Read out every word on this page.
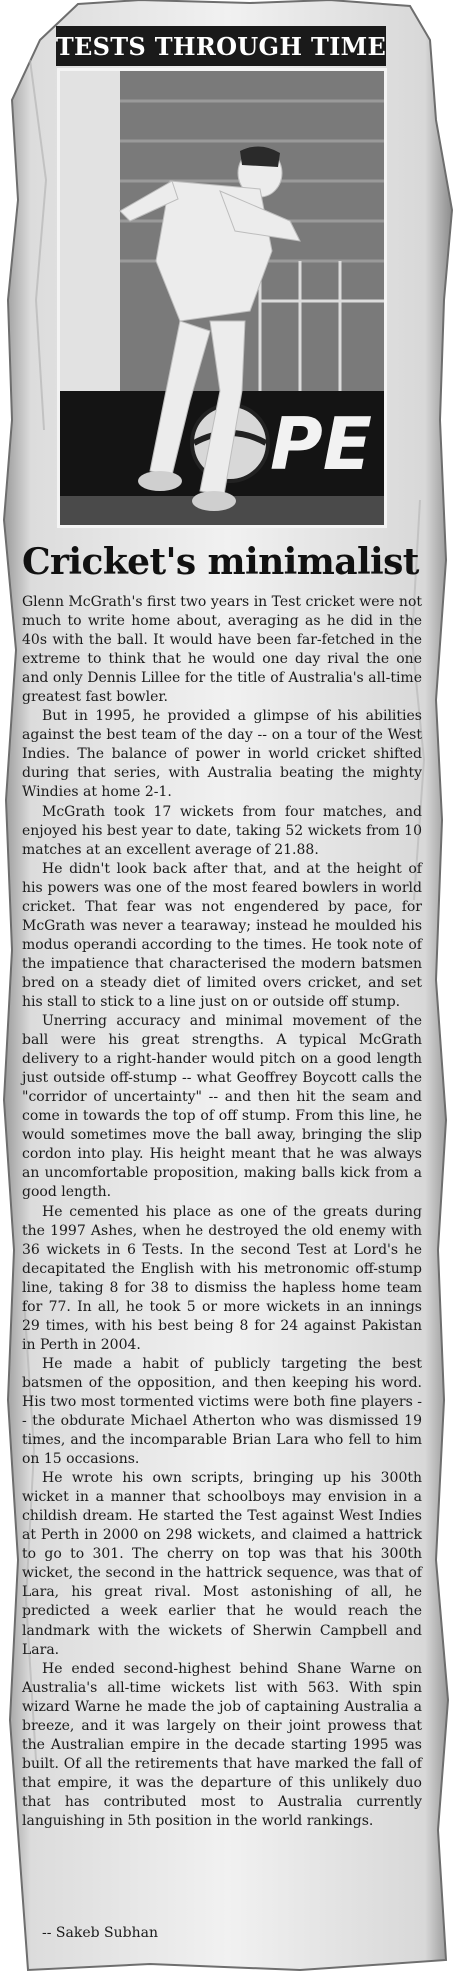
TESTS THROUGH TIME
PE
Cricket's minimalist

Glenn McGrath's first two years in Test cricket were not much to write home about, averaging as he did in the 40s with the ball. It would have been far-fetched in the extreme to think that he would one day rival the one and only Dennis Lillee for the title of Australia's all-time greatest fast bowler.

But in 1995, he provided a glimpse of his abilities against the best team of the day -- on a tour of the West Indies. The balance of power in world cricket shifted during that series, with Australia beating the mighty Windies at home 2-1.

McGrath took 17 wickets from four matches, and enjoyed his best year to date, taking 52 wickets from 10 matches at an excellent average of 21.88.

He didn't look back after that, and at the height of his powers was one of the most feared bowlers in world cricket. That fear was not engendered by pace, for McGrath was never a tearaway; instead he moulded his modus operandi according to the times. He took note of the impatience that characterised the modern batsmen bred on a steady diet of limited overs cricket, and set his stall to stick to a line just on or outside off stump.

Unerring accuracy and minimal movement of the ball were his great strengths. A typical McGrath delivery to a right-hander would pitch on a good length just outside off-stump -- what Geoffrey Boycott calls the "corridor of uncertainty" -- and then hit the seam and come in towards the top of off stump. From this line, he would sometimes move the ball away, bringing the slip cordon into play. His height meant that he was always an uncomfortable proposition, making balls kick from a good length.

He cemented his place as one of the greats during the 1997 Ashes, when he destroyed the old enemy with 36 wickets in 6 Tests. In the second Test at Lord's he decapitated the English with his metronomic off-stump line, taking 8 for 38 to dismiss the hapless home team for 77. In all, he took 5 or more wickets in an innings 29 times, with his best being 8 for 24 against Pakistan in Perth in 2004.

He made a habit of publicly targeting the best batsmen of the opposition, and then keeping his word. His two most tormented victims were both fine players -- the obdurate Michael Atherton who was dismissed 19 times, and the incomparable Brian Lara who fell to him on 15 occasions.

He wrote his own scripts, bringing up his 300th wicket in a manner that schoolboys may envision in a childish dream. He started the Test against West Indies at Perth in 2000 on 298 wickets, and claimed a hattrick to go to 301. The cherry on top was that his 300th wicket, the second in the hattrick sequence, was that of Lara, his great rival. Most astonishing of all, he predicted a week earlier that he would reach the landmark with the wickets of Sherwin Campbell and Lara.

He ended second-highest behind Shane Warne on Australia's all-time wickets list with 563. With spin wizard Warne he made the job of captaining Australia a breeze, and it was largely on their joint prowess that the Australian empire in the decade starting 1995 was built. Of all the retirements that have marked the fall of that empire, it was the departure of this unlikely duo that has contributed most to Australia currently languishing in 5th position in the world rankings.

-- Sakeb Subhan
